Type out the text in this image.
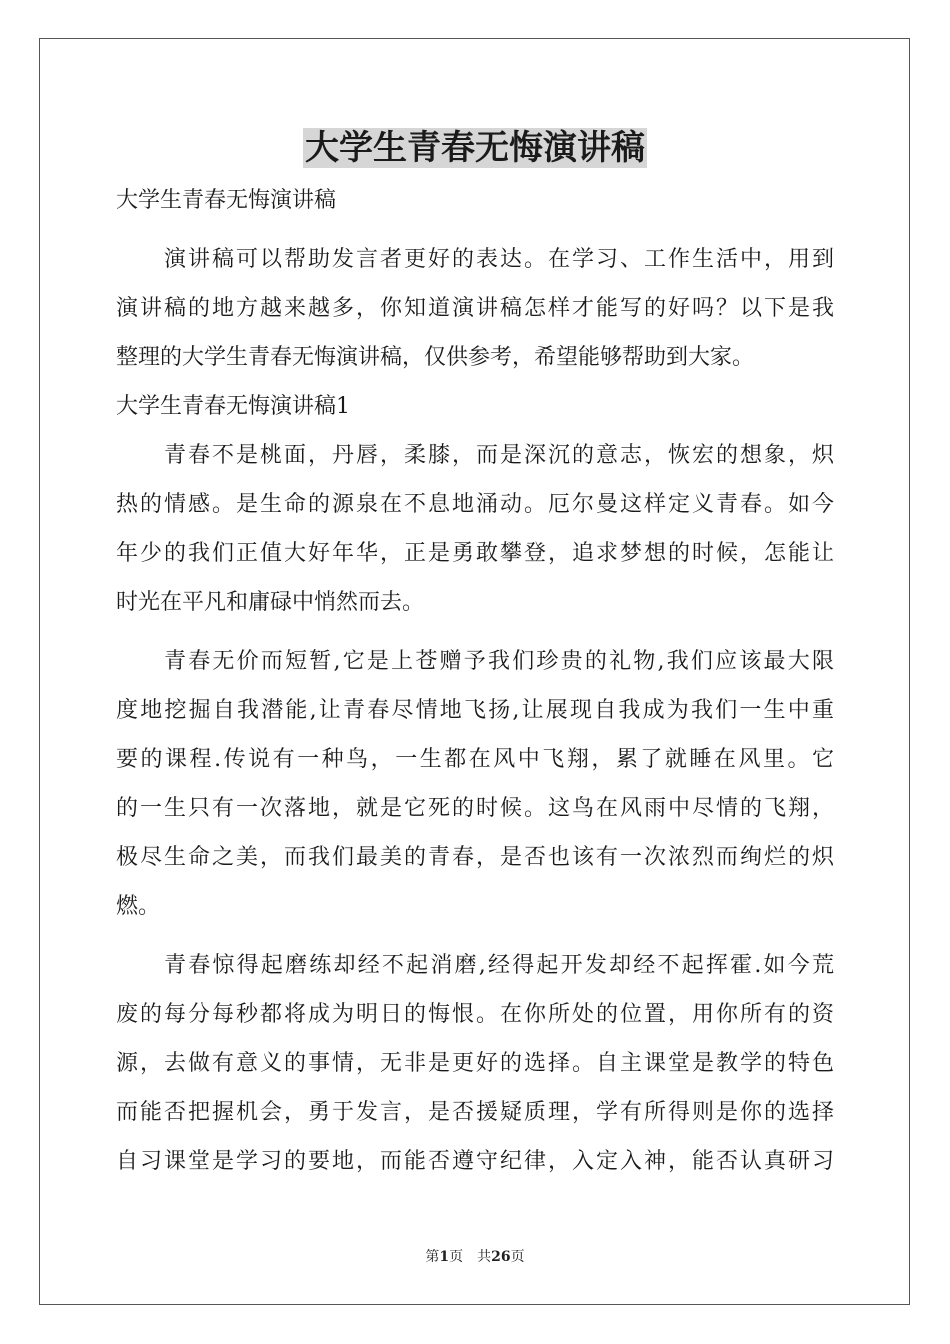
大学生青春无悔演讲稿
大学生青春无悔演讲稿
演讲稿可以帮助发言者更好的表达。在学习、工作生活中，用到
演讲稿的地方越来越多，你知道演讲稿怎样才能写的好吗？以下是我
整理的大学生青春无悔演讲稿，仅供参考，希望能够帮助到大家。
大学生青春无悔演讲稿1
青春不是桃面，丹唇，柔膝，而是深沉的意志，恢宏的想象，炽
热的情感。是生命的源泉在不息地涌动。厄尔曼这样定义青春。如今
年少的我们正值大好年华，正是勇敢攀登，追求梦想的时候，怎能让
时光在平凡和庸碌中悄然而去。
青春无价而短暂,它是上苍赠予我们珍贵的礼物,我们应该最大限
度地挖掘自我潜能,让青春尽情地飞扬,让展现自我成为我们一生中重
要的课程.传说有一种鸟，一生都在风中飞翔，累了就睡在风里。它
的一生只有一次落地，就是它死的时候。这鸟在风雨中尽情的飞翔，
极尽生命之美，而我们最美的青春，是否也该有一次浓烈而绚烂的炽
燃。
青春惊得起磨练却经不起消磨,经得起开发却经不起挥霍.如今荒
废的每分每秒都将成为明日的悔恨。在你所处的位置，用你所有的资
源，去做有意义的事情，无非是更好的选择。自主课堂是教学的特色
而能否把握机会，勇于发言，是否援疑质理，学有所得则是你的选择
自习课堂是学习的要地，而能否遵守纪律，入定入神，能否认真研习
第1页　共26页
